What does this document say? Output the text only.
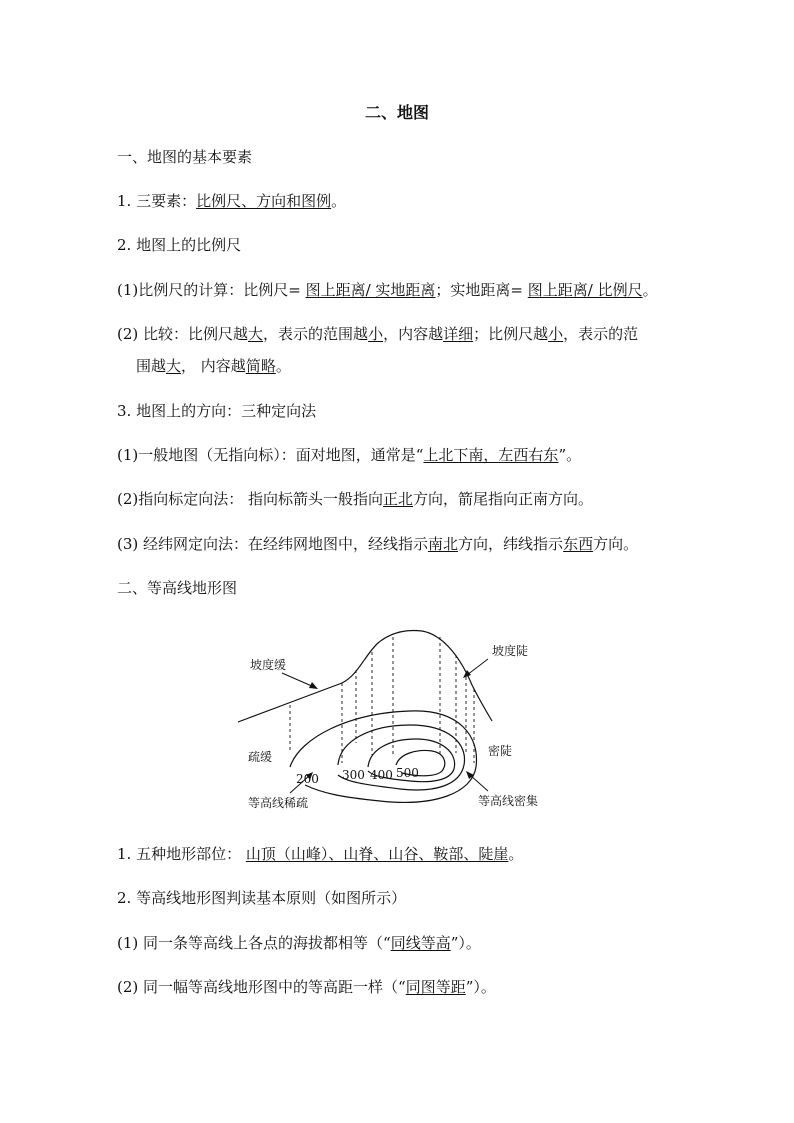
二、地图
一、地图的基本要素
1. 三要素：比例尺、方向和图例。
2. 地图上的比例尺
(1)比例尺的计算：比例尺= 图上距离/ 实地距离；实地距离= 图上距离/ 比例尺。
(2) 比较：比例尺越大，表示的范围越小，内容越详细；比例尺越小，表示的范
围越大， 内容越简略。
3. 地图上的方向：三种定向法
(1)一般地图（无指向标）：面对地图，通常是“上北下南，左西右东”。
(2)指向标定向法： 指向标箭头一般指向正北方向，箭尾指向正南方向。
(3) 经纬网定向法：在经纬网地图中，经线指示南北方向，纬线指示东西方向。
二、等高线地形图
坡度缓
坡度陡
疏缓	密陡
200 300 400 500
等高线稀疏	等高线密集
1. 五种地形部位： 山顶（山峰）、山脊、山谷、鞍部、陡崖。
2. 等高线地形图判读基本原则（如图所示）
(1) 同一条等高线上各点的海拔都相等（“同线等高”）。
(2) 同一幅等高线地形图中的等高距一样（“同图等距”）。
